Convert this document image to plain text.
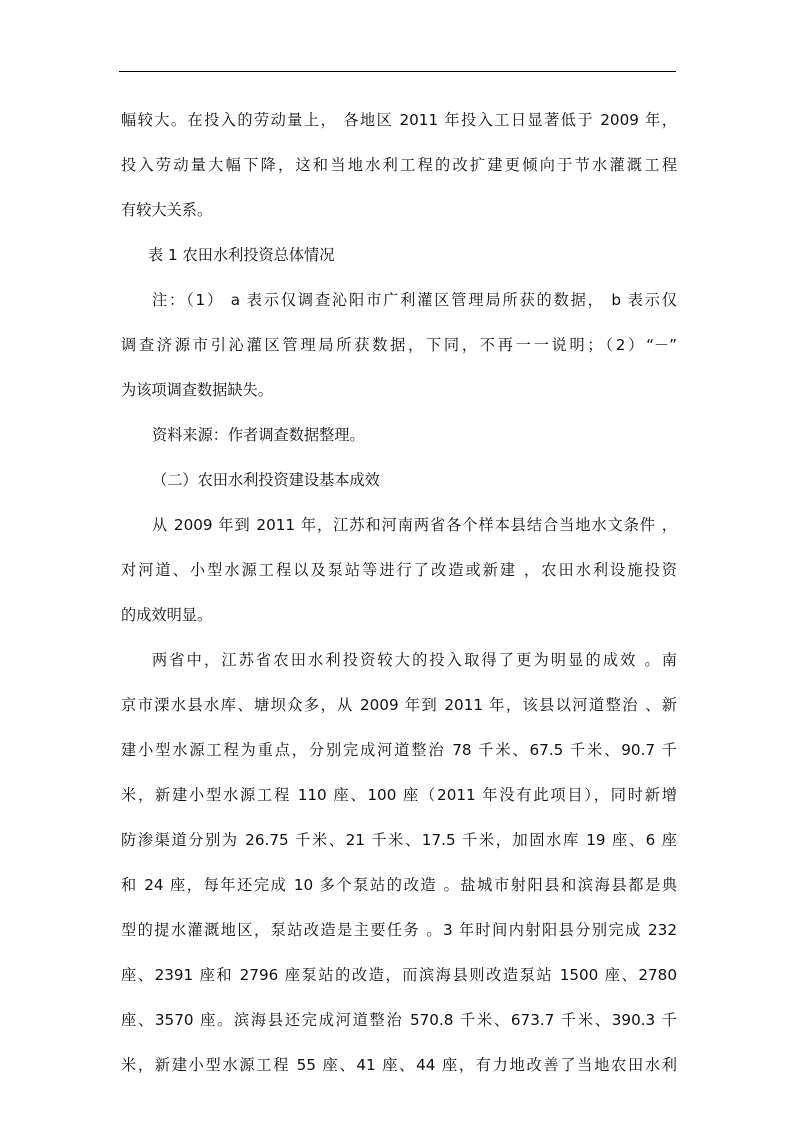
幅较大。在投入的劳动量上， 各地区 2011 年投入工日显著低于 2009 年，
投入劳动量大幅下降，这和当地水利工程的改扩建更倾向于节水灌溉工程
有较大关系。
表 1 农田水利投资总体情况
注：（1） a 表示仅调查沁阳市广利灌区管理局所获的数据， b 表示仅
调查济源市引沁灌区管理局所获数据，下同，不再一一说明；（2）“－”
为该项调查数据缺失。
资料来源：作者调查数据整理。
（二）农田水利投资建设基本成效
从 2009 年到 2011 年，江苏和河南两省各个样本县结合当地水文条件 ，
对河道、小型水源工程以及泵站等进行了改造或新建 ，农田水利设施投资
的成效明显。
两省中，江苏省农田水利投资较大的投入取得了更为明显的成效 。南
京市溧水县水库、塘坝众多，从 2009 年到 2011 年，该县以河道整治 、新
建小型水源工程为重点，分别完成河道整治 78 千米、67.5 千米、90.7 千
米，新建小型水源工程 110 座、100 座（2011 年没有此项目），同时新增
防渗渠道分别为 26.75 千米、21 千米、17.5 千米，加固水库 19 座、6 座
和 24 座，每年还完成 10 多个泵站的改造 。盐城市射阳县和滨海县都是典
型的提水灌溉地区，泵站改造是主要任务 。3 年时间内射阳县分别完成 232
座、2391 座和 2796 座泵站的改造，而滨海县则改造泵站 1500 座、2780
座、3570 座。滨海县还完成河道整治 570.8 千米、673.7 千米、390.3 千
米，新建小型水源工程 55 座、41 座、44 座，有力地改善了当地农田水利
